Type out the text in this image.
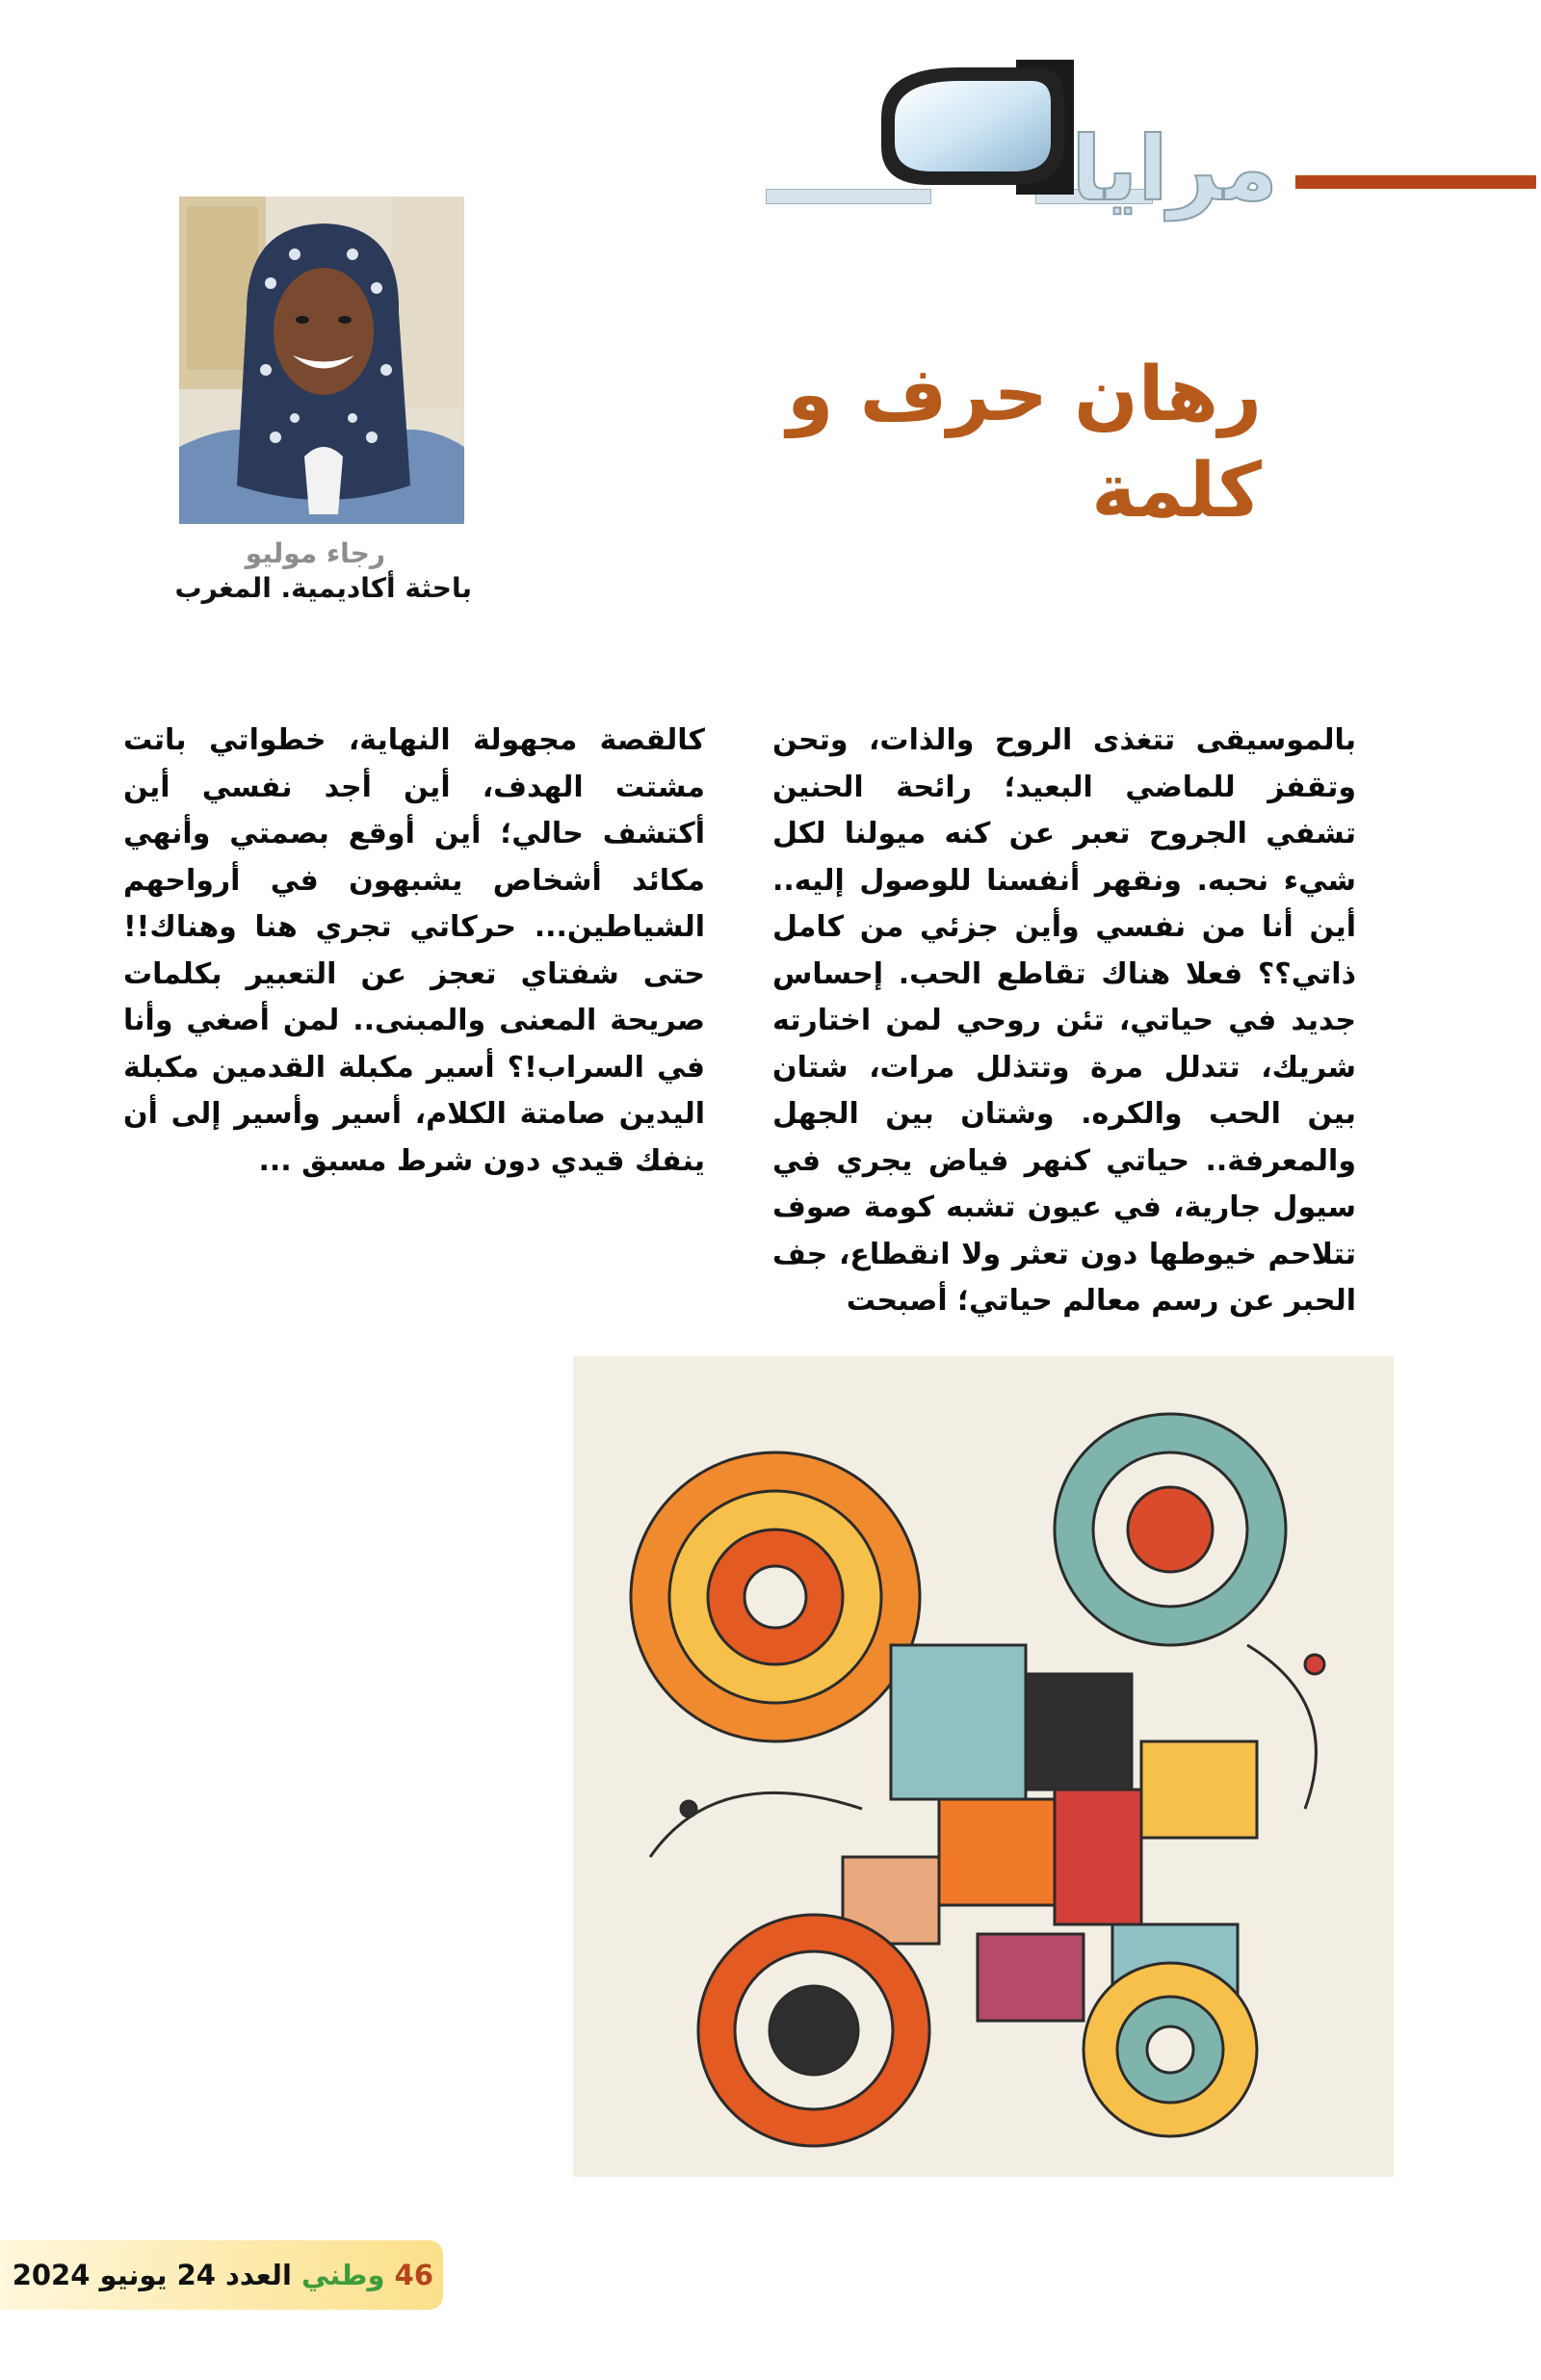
مرايا
رهان حرف و كلمة
رجاء موليو
باحثة أكاديمية. المغرب
بالموسيقى تتغذى الروح والذات، وتحن وتقفز للماضي البعيد؛ رائحة الحنين تشفي الجروح تعبر عن كنه ميولنا لكل شيء نحبه. ونقهر أنفسنا للوصول إليه.. أين أنا من نفسي وأين جزئي من كامل ذاتي؟؟ فعلا هناك تقاطع الحب. إحساس جديد في حياتي، تئن روحي لمن اختارته شريك، تتدلل مرة وتتذلل مرات، شتان بين الحب والكره. وشتان بين الجهل والمعرفة.. حياتي كنهر فياض يجري في سيول جارية، في عيون تشبه كومة صوف تتلاحم خيوطها دون تعثر ولا انقطاع، جف الحبر عن رسم معالم حياتي؛ أصبحت
كالقصة مجهولة النهاية، خطواتي باتت مشتت الهدف، أين أجد نفسي أين أكتشف حالي؛ أين أوقع بصمتي وأنهي مكائد أشخاص يشبهون في أرواحهم الشياطين... حركاتي تجري هنا وهناك!! حتى شفتاي تعجز عن التعبير بكلمات صريحة المعنى والمبنى.. لمن أصغي وأنا في السراب!؟ أسير مكبلة القدمين مكبلة اليدين صامتة الكلام، أسير وأسير إلى أن ينفك قيدي دون شرط مسبق ...
46 وطني العدد 24 يونيو 2024
